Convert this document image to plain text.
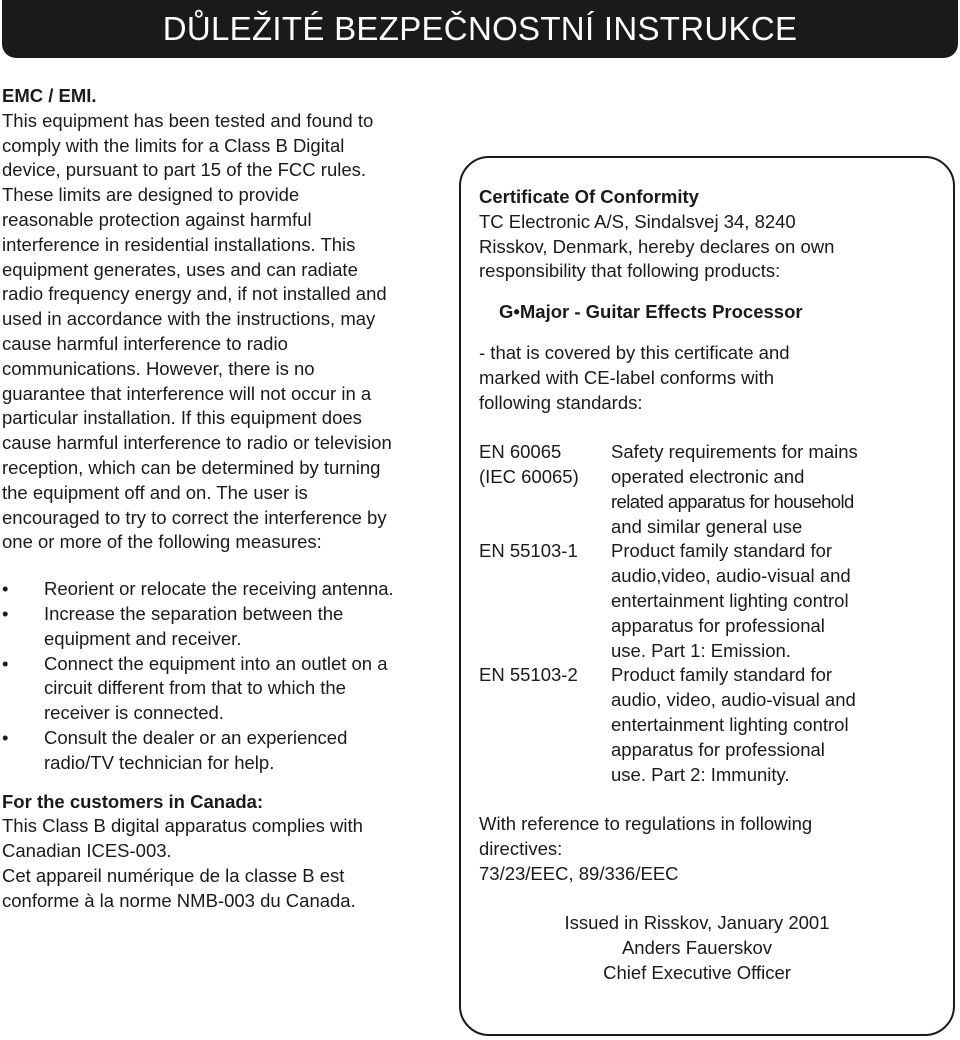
DŮLEŽITÉ BEZPEČNOSTNÍ INSTRUKCE

EMC / EMI.

This equipment has been tested and found to

comply with the limits for a Class B Digital

device, pursuant to part 15 of the FCC rules.

These limits are designed to provide

reasonable protection against harmful

interference in residential installations. This

equipment generates, uses and can radiate

radio frequency energy and, if not installed and

used in accordance with the instructions, may

cause harmful interference to radio

communications. However, there is no

guarantee that interference will not occur in a

particular installation. If this equipment does

cause harmful interference to radio or television

reception, which can be determined by turning

the equipment off and on. The user is

encouraged to try to correct the interference by

one or more of the following measures:

• Reorient or relocate the receiving antenna.

• Increase the separation between the

equipment and receiver.

• Connect the equipment into an outlet on a

circuit different from that to which the

receiver is connected.

• Consult the dealer or an experienced

radio/TV technician for help.

For the customers in Canada:

This Class B digital apparatus complies with

Canadian ICES-003.

Cet appareil numérique de la classe B est

conforme à la norme NMB-003 du Canada.

Certificate Of Conformity

TC Electronic A/S, Sindalsvej 34, 8240

Risskov, Denmark, hereby declares on own

responsibility that following products:

G•Major - Guitar Effects Processor

- that is covered by this certificate and

marked with CE-label conforms with

following standards:

EN 60065
(IEC 60065)
Safety requirements for mains
operated electronic and
related apparatus for household
and similar general use
EN 55103-1	Product family standard for
audio,video, audio-visual and
entertainment lighting control
apparatus for professional
use. Part 1: Emission.
EN 55103-2	Product family standard for
audio, video, audio-visual and
entertainment lighting control
apparatus for professional
use. Part 2: Immunity.

With reference to regulations in following

directives:

73/23/EEC, 89/336/EEC

Issued in Risskov, January 2001

Anders Fauerskov

Chief Executive Officer
